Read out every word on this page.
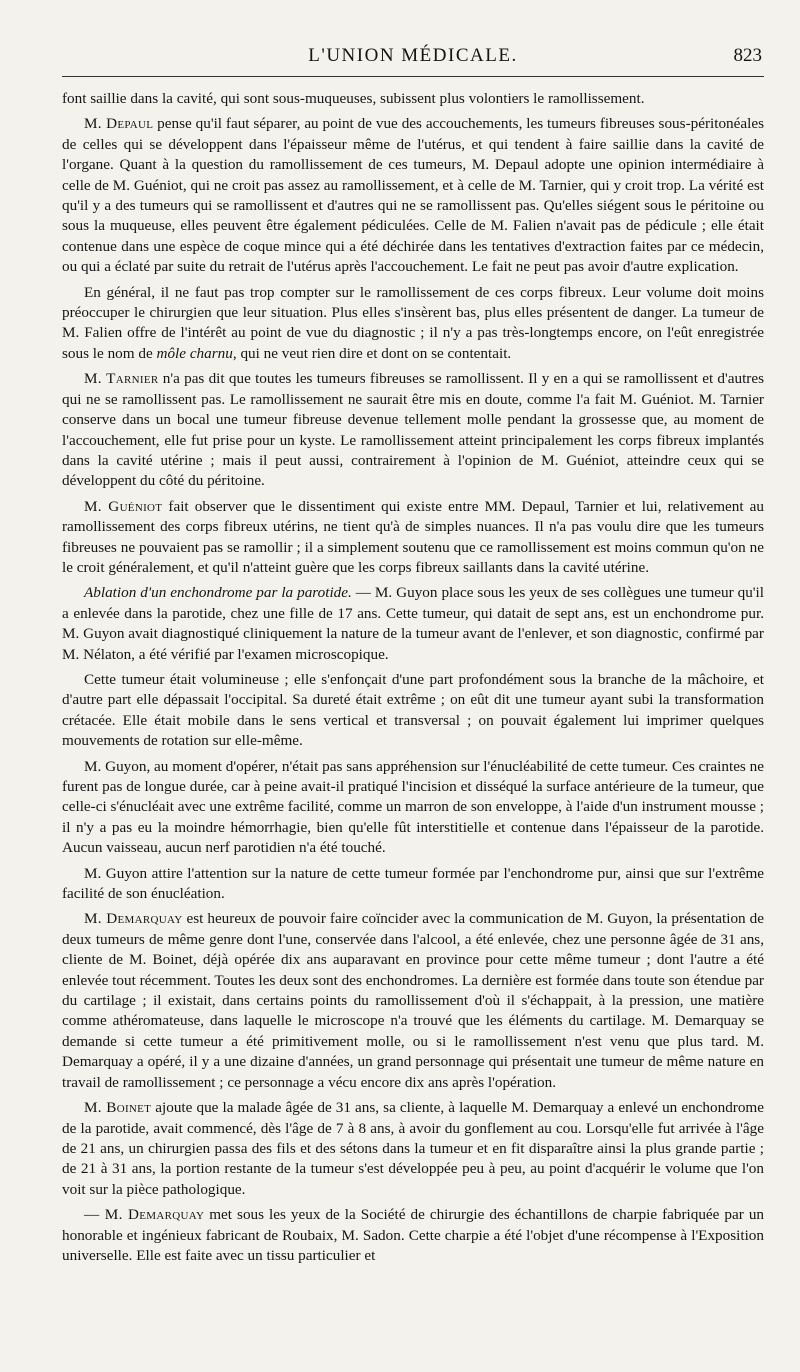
L'UNION MÉDICALE.	823

font saillie dans la cavité, qui sont sous-muqueuses, subissent plus volontiers le ramollissement.

M. Depaul pense qu'il faut séparer, au point de vue des accouchements, les tumeurs fibreuses sous-péritonéales de celles qui se développent dans l'épaisseur même de l'utérus, et qui tendent à faire saillie dans la cavité de l'organe. Quant à la question du ramollissement de ces tumeurs, M. Depaul adopte une opinion intermédiaire à celle de M. Guéniot, qui ne croit pas assez au ramollissement, et à celle de M. Tarnier, qui y croit trop. La vérité est qu'il y a des tumeurs qui se ramollissent et d'autres qui ne se ramollissent pas. Qu'elles siégent sous le péritoine ou sous la muqueuse, elles peuvent être également pédiculées. Celle de M. Falien n'avait pas de pédicule ; elle était contenue dans une espèce de coque mince qui a été déchirée dans les tentatives d'extraction faites par ce médecin, ou qui a éclaté par suite du retrait de l'utérus après l'accouchement. Le fait ne peut pas avoir d'autre explication.

En général, il ne faut pas trop compter sur le ramollissement de ces corps fibreux. Leur volume doit moins préoccuper le chirurgien que leur situation. Plus elles s'insèrent bas, plus elles présentent de danger. La tumeur de M. Falien offre de l'intérêt au point de vue du diagnostic ; il n'y a pas très-longtemps encore, on l'eût enregistrée sous le nom de môle charnu, qui ne veut rien dire et dont on se contentait.

M. Tarnier n'a pas dit que toutes les tumeurs fibreuses se ramollissent. Il y en a qui se ramollissent et d'autres qui ne se ramollissent pas. Le ramollissement ne saurait être mis en doute, comme l'a fait M. Guéniot. M. Tarnier conserve dans un bocal une tumeur fibreuse devenue tellement molle pendant la grossesse que, au moment de l'accouchement, elle fut prise pour un kyste. Le ramollissement atteint principalement les corps fibreux implantés dans la cavité utérine ; mais il peut aussi, contrairement à l'opinion de M. Guéniot, atteindre ceux qui se développent du côté du péritoine.

M. Guéniot fait observer que le dissentiment qui existe entre MM. Depaul, Tarnier et lui, relativement au ramollissement des corps fibreux utérins, ne tient qu'à de simples nuances. Il n'a pas voulu dire que les tumeurs fibreuses ne pouvaient pas se ramollir ; il a simplement soutenu que ce ramollissement est moins commun qu'on ne le croit généralement, et qu'il n'atteint guère que les corps fibreux saillants dans la cavité utérine.

Ablation d'un enchondrome par la parotide. — M. Guyon place sous les yeux de ses collègues une tumeur qu'il a enlevée dans la parotide, chez une fille de 17 ans. Cette tumeur, qui datait de sept ans, est un enchondrome pur. M. Guyon avait diagnostiqué cliniquement la nature de la tumeur avant de l'enlever, et son diagnostic, confirmé par M. Nélaton, a été vérifié par l'examen microscopique.

Cette tumeur était volumineuse ; elle s'enfonçait d'une part profondément sous la branche de la mâchoire, et d'autre part elle dépassait l'occipital. Sa dureté était extrême ; on eût dit une tumeur ayant subi la transformation crétacée. Elle était mobile dans le sens vertical et transversal ; on pouvait également lui imprimer quelques mouvements de rotation sur elle-même.

M. Guyon, au moment d'opérer, n'était pas sans appréhension sur l'énucléabilité de cette tumeur. Ces craintes ne furent pas de longue durée, car à peine avait-il pratiqué l'incision et disséqué la surface antérieure de la tumeur, que celle-ci s'énucléait avec une extrême facilité, comme un marron de son enveloppe, à l'aide d'un instrument mousse ; il n'y a pas eu la moindre hémorrhagie, bien qu'elle fût interstitielle et contenue dans l'épaisseur de la parotide. Aucun vaisseau, aucun nerf parotidien n'a été touché.

M. Guyon attire l'attention sur la nature de cette tumeur formée par l'enchondrome pur, ainsi que sur l'extrême facilité de son énucléation.

M. Demarquay est heureux de pouvoir faire coïncider avec la communication de M. Guyon, la présentation de deux tumeurs de même genre dont l'une, conservée dans l'alcool, a été enlevée, chez une personne âgée de 31 ans, cliente de M. Boinet, déjà opérée dix ans auparavant en province pour cette même tumeur ; dont l'autre a été enlevée tout récemment. Toutes les deux sont des enchondromes. La dernière est formée dans toute son étendue par du cartilage ; il existait, dans certains points du ramollissement d'où il s'échappait, à la pression, une matière comme athéromateuse, dans laquelle le microscope n'a trouvé que les éléments du cartilage. M. Demarquay se demande si cette tumeur a été primitivement molle, ou si le ramollissement n'est venu que plus tard. M. Demarquay a opéré, il y a une dizaine d'années, un grand personnage qui présentait une tumeur de même nature en travail de ramollissement ; ce personnage a vécu encore dix ans après l'opération.

M. Boinet ajoute que la malade âgée de 31 ans, sa cliente, à laquelle M. Demarquay a enlevé un enchondrome de la parotide, avait commencé, dès l'âge de 7 à 8 ans, à avoir du gonflement au cou. Lorsqu'elle fut arrivée à l'âge de 21 ans, un chirurgien passa des fils et des sétons dans la tumeur et en fit disparaître ainsi la plus grande partie ; de 21 à 31 ans, la portion restante de la tumeur s'est développée peu à peu, au point d'acquérir le volume que l'on voit sur la pièce pathologique.

— M. Demarquay met sous les yeux de la Société de chirurgie des échantillons de charpie fabriquée par un honorable et ingénieux fabricant de Roubaix, M. Sadon. Cette charpie a été l'objet d'une récompense à l'Exposition universelle. Elle est faite avec un tissu particulier et
